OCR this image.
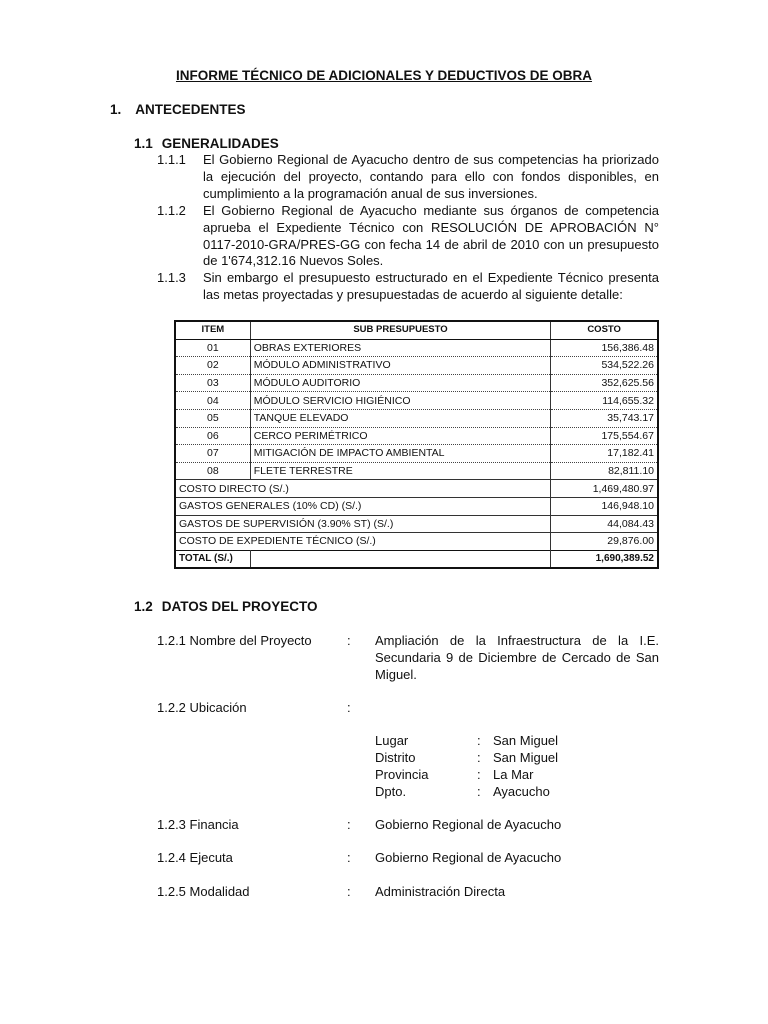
INFORME TÉCNICO DE ADICIONALES Y DEDUCTIVOS DE OBRA
1. ANTECEDENTES
1.1 GENERALIDADES
1.1.1	El Gobierno Regional de Ayacucho dentro de sus competencias ha priorizado la ejecución del proyecto, contando para ello con fondos disponibles, en cumplimiento a la programación anual de sus inversiones.
1.1.2	El Gobierno Regional de Ayacucho mediante sus órganos de competencia aprueba el Expediente Técnico con RESOLUCIÓN DE APROBACIÓN N° 0117-2010-GRA/PRES-GG con fecha 14 de abril de 2010 con un presupuesto de 1'674,312.16 Nuevos Soles.
1.1.3	Sin embargo el presupuesto estructurado en el Expediente Técnico presenta las metas proyectadas y presupuestadas de acuerdo al siguiente detalle:
ITEM	SUB PRESUPUESTO	COSTO
01	OBRAS EXTERIORES	156,386.48
02	MÓDULO ADMINISTRATIVO	534,522.26
03	MÓDULO AUDITORIO	352,625.56
04	MÓDULO SERVICIO HIGIÉNICO	114,655.32
05	TANQUE ELEVADO	35,743.17
06	CERCO PERIMÉTRICO	175,554.67
07	MITIGACIÓN DE IMPACTO AMBIENTAL	17,182.41
08	FLETE TERRESTRE	82,811.10
COSTO DIRECTO (S/.)		1,469,480.97
GASTOS GENERALES (10% CD) (S/.)		146,948.10
GASTOS DE SUPERVISIÓN (3.90% ST) (S/.)		44,084.43
COSTO DE EXPEDIENTE TÉCNICO (S/.)		29,876.00
TOTAL (S/.)		1,690,389.52
1.2 DATOS DEL PROYECTO
1.2.1 Nombre del Proyecto	:	Ampliación de la Infraestructura de la I.E. Secundaria 9 de Diciembre de Cercado de San Miguel.
1.2.2 Ubicación	:
Lugar	: San Miguel
Distrito	: San Miguel
Provincia	: La Mar
Dpto.	: Ayacucho
1.2.3 Financia	:	Gobierno Regional de Ayacucho
1.2.4 Ejecuta	:	Gobierno Regional de Ayacucho
1.2.5 Modalidad	:	Administración Directa
